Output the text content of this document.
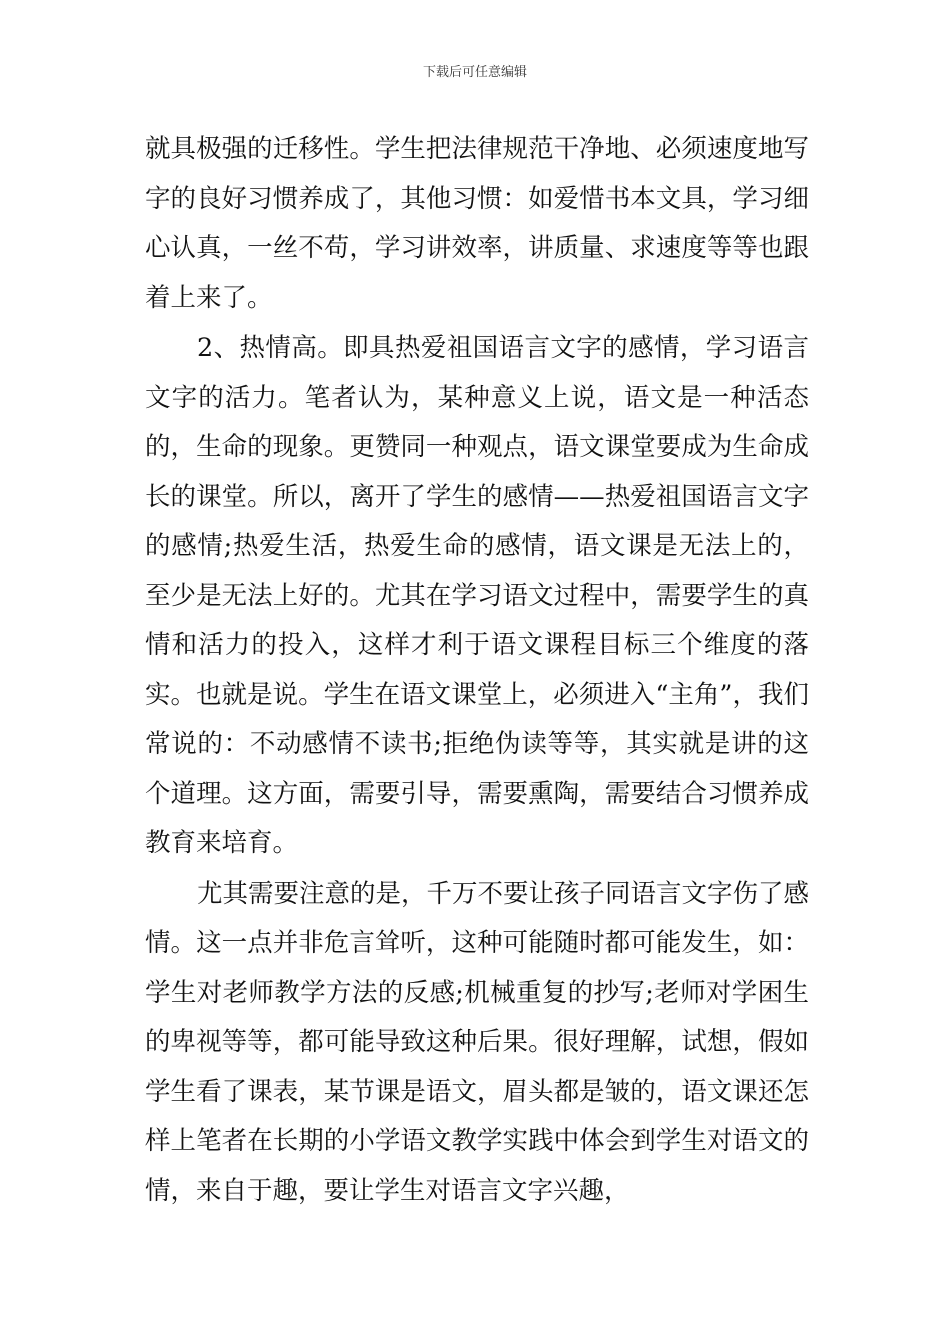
下载后可任意编辑

就具极强的迁移性。学生把法律规范干净地、必须速度地写字的良好习惯养成了，其他习惯：如爱惜书本文具，学习细心认真，一丝不苟，学习讲效率，讲质量、求速度等等也跟着上来了。

2、热情高。即具热爱祖国语言文字的感情，学习语言文字的活力。笔者认为，某种意义上说，语文是一种活态的，生命的现象。更赞同一种观点，语文课堂要成为生命成长的课堂。所以，离开了学生的感情——热爱祖国语言文字的感情;热爱生活，热爱生命的感情，语文课是无法上的，至少是无法上好的。尤其在学习语文过程中，需要学生的真情和活力的投入，这样才利于语文课程目标三个维度的落实。也就是说。学生在语文课堂上，必须进入“主角”，我们常说的：不动感情不读书;拒绝伪读等等，其实就是讲的这个道理。这方面，需要引导，需要熏陶，需要结合习惯养成教育来培育。

尤其需要注意的是，千万不要让孩子同语言文字伤了感情。这一点并非危言耸听，这种可能随时都可能发生，如：学生对老师教学方法的反感;机械重复的抄写;老师对学困生的卑视等等，都可能导致这种后果。很好理解，试想，假如学生看了课表，某节课是语文，眉头都是皱的，语文课还怎样上笔者在长期的小学语文教学实践中体会到学生对语文的情，来自于趣，要让学生对语言文字兴趣，
